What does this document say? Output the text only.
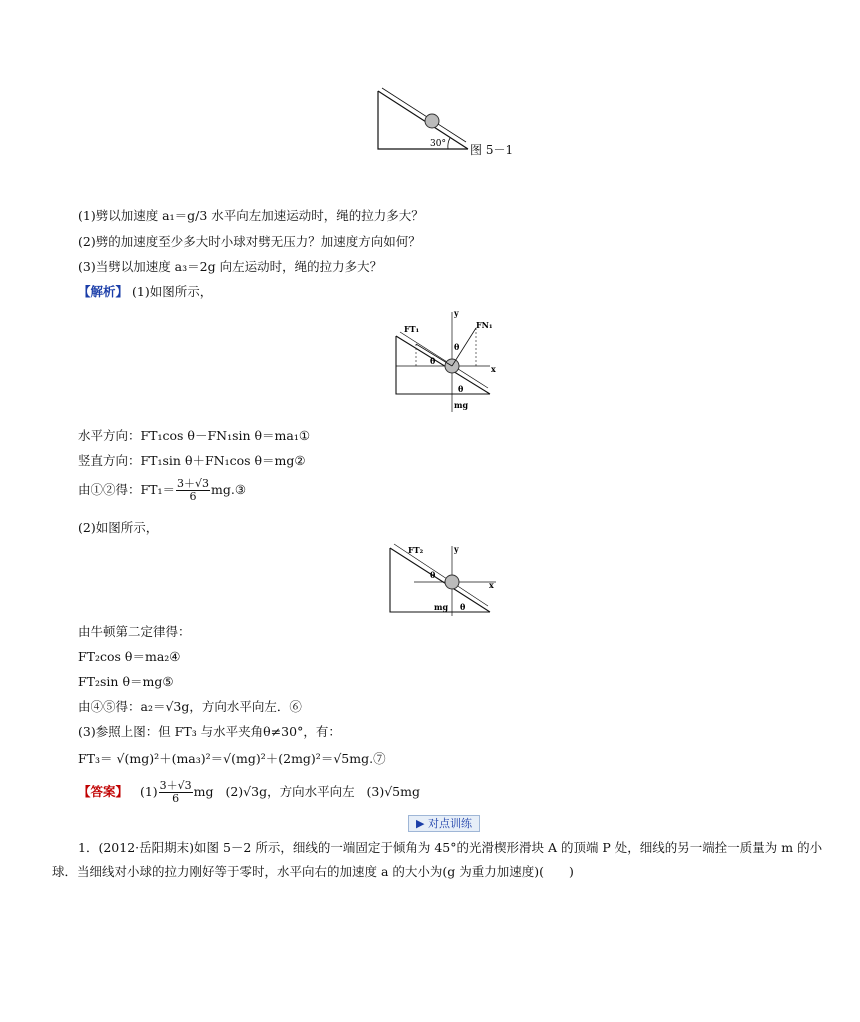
30° 图 5－1
(1)劈以加速度 a₁＝g/3 水平向左加速运动时，绳的拉力多大？
(2)劈的加速度至少多大时小球对劈无压力？加速度方向如何？
(3)当劈以加速度 a₃＝2g 向左运动时，绳的拉力多大？
【解析】 (1)如图所示，
FT₁	FN₁
y
x
mg
θ
θ
θ
水平方向：FT₁cos θ－FN₁sin θ＝ma₁①
竖直方向：FT₁sin θ＋FN₁cos θ＝mg②
由①②得：$FT_1= \frac{3+√3}{6}$ mg.③
(2)如图所示，
FT₂	y
x
mg
θ
θ
由牛顿第二定律得：
FT₂cos θ＝ma₂④
FT₂sin θ＝mg⑤
由④⑤得：a₂＝√3g，方向水平向左．⑥
(3)参照上图：但 FT₃ 与水平夹角θ≠30°，有：
FT₃＝ √(mg)²＋(ma₃)²＝√(mg)²＋(2mg)²＝√5mg.⑦
【答案】 $(1) \frac{3+√3}{6}$ mg (2)√3g，方向水平向左 (3)√5mg
▶ 对点训练
1．(2012·岳阳期末)如图 5－2 所示，细线的一端固定于倾角为 45°的光滑楔形滑块 A 的顶端 P 处，细线的另一端拴一质量为 m 的小
球．当细线对小球的拉力刚好等于零时，水平向右的加速度 a 的大小为(g 为重力加速度)(　　)
